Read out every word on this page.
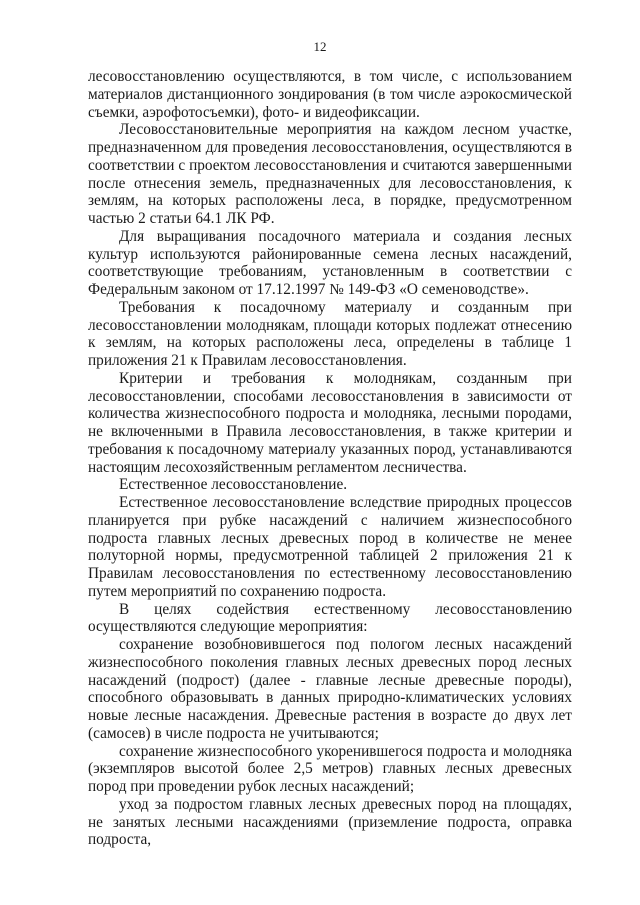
12

лесовосстановлению осуществляются, в том числе, с использованием материалов дистанционного зондирования (в том числе аэрокосмической съемки, аэрофотосъемки), фото- и видеофиксации.

Лесовосстановительные мероприятия на каждом лесном участке, предназначенном для проведения лесовосстановления, осуществляются в соответствии с проектом лесовосстановления и считаются завершенными после отнесения земель, предназначенных для лесовосстановления, к землям, на которых расположены леса, в порядке, предусмотренном частью 2 статьи 64.1 ЛК РФ.

Для выращивания посадочного материала и создания лесных культур используются районированные семена лесных насаждений, соответствующие требованиям, установленным в соответствии с Федеральным законом от 17.12.1997 № 149-ФЗ «О семеноводстве».

Требования к посадочному материалу и созданным при лесовосстановлении молоднякам, площади которых подлежат отнесению к землям, на которых расположены леса, определены в таблице 1 приложения 21 к Правилам лесовосстановления.

Критерии и требования к молоднякам, созданным при лесовосстановлении, способами лесовосстановления в зависимости от количества жизнеспособного подроста и молодняка, лесными породами, не включенными в Правила лесовосстановления, в также критерии и требования к посадочному материалу указанных пород, устанавливаются настоящим лесохозяйственным регламентом лесничества.

Естественное лесовосстановление.

Естественное лесовосстановление вследствие природных процессов планируется при рубке насаждений с наличием жизнеспособного подроста главных лесных древесных пород в количестве не менее полуторной нормы, предусмотренной таблицей 2 приложения 21 к Правилам лесовосстановления по естественному лесовосстановлению путем мероприятий по сохранению подроста.

В целях содействия естественному лесовосстановлению осуществляются следующие мероприятия:

сохранение возобновившегося под пологом лесных насаждений жизнеспособного поколения главных лесных древесных пород лесных насаждений (подрост) (далее - главные лесные древесные породы), способного образовывать в данных природно-климатических условиях новые лесные насаждения. Древесные растения в возрасте до двух лет (самосев) в числе подроста не учитываются;

сохранение жизнеспособного укоренившегося подроста и молодняка (экземпляров высотой более 2,5 метров) главных лесных древесных пород при проведении рубок лесных насаждений;

уход за подростом главных лесных древесных пород на площадях, не занятых лесными насаждениями (приземление подроста, оправка подроста,
